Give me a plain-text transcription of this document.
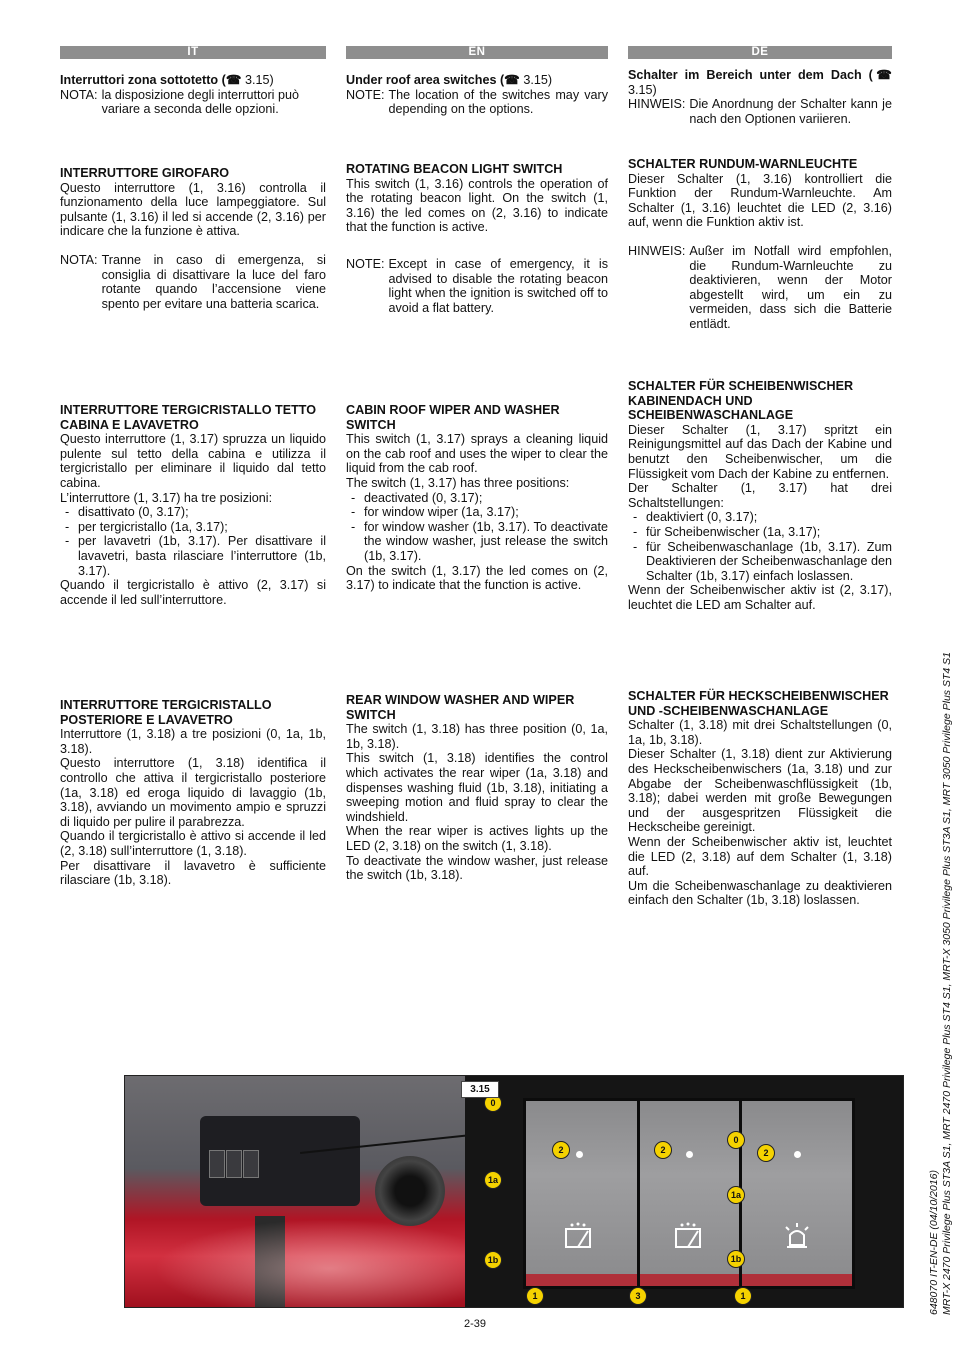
IT
Interruttori zona sottotetto (☎ 3.15)
NOTA: la disposizione degli interruttori può variare a seconda delle opzioni.
INTERRUTTORE GIROFARO

Questo interruttore (1, 3.16) controlla il funzionamento della luce lampeggiatore. Sul pulsante (1, 3.16) il led si accende (2, 3.16) per indicare che la funzione è attiva.

NOTA: Tranne in caso di emergenza, si consiglia di disattivare la luce del faro rotante quando l’accensione viene spento per evitare una batteria scarica.
INTERRUTTORE TERGICRISTALLO TETTO CABINA E LAVAVETRO

Questo interruttore (1, 3.17) spruzza un liquido pulente sul tetto della cabina e utilizza il tergicristallo per eliminare il liquido dal tetto cabina.

L’interruttore (1, 3.17) ha tre posizioni:

- disattivato (0, 3.17);
- per tergicristallo (1a, 3.17);
- per lavavetri (1b, 3.17). Per disattivare il lavavetri, basta rilasciare l’interruttore (1b, 3.17).

Quando il tergicristallo è attivo (2, 3.17) si accende il led sull’interruttore.

INTERRUTTORE TERGICRISTALLO POSTERIORE E LAVAVETRO

Interruttore (1, 3.18) a tre posizioni (0, 1a, 1b, 3.18).

Questo interruttore (1, 3.18) identifica il controllo che attiva il tergicristallo posteriore (1a, 3.18) ed eroga liquido di lavaggio (1b, 3.18), avviando un movimento ampio e spruzzi di liquido per pulire il parabrezza.

Quando il tergicristallo è attivo si accende il led (2, 3.18) sull’interruttore (1, 3.18).

Per disattivare il lavavetro è sufficiente rilasciare (1b, 3.18).

EN
Under roof area switches (☎ 3.15)
NOTE: The location of the switches may vary depending on the options.
ROTATING BEACON LIGHT SWITCH

This switch (1, 3.16) controls the operation of the rotating beacon light. On the switch (1, 3.16) the led comes on (2, 3.16) to indicate that the function is active.

NOTE: Except in case of emergency, it is advised to disable the rotating beacon light when the ignition is switched off to avoid a flat battery.
CABIN ROOF WIPER AND WASHER SWITCH

This switch (1, 3.17) sprays a cleaning liquid on the cab roof and uses the wiper to clear the liquid from the cab roof.

The switch (1, 3.17) has three positions:

- deactivated (0, 3.17);
- for window wiper (1a, 3.17);
- for window washer (1b, 3.17). To deactivate the window washer, just release the switch (1b, 3.17).

On the switch (1, 3.17) the led comes on (2, 3.17) to indicate that the function is active.

REAR WINDOW WASHER AND WIPER SWITCH

The switch (1, 3.18) has three position (0, 1a, 1b, 3.18).

This switch (1, 3.18) identifies the control which activates the rear wiper (1a, 3.18) and dispenses washing fluid (1b, 3.18), initiating a sweeping motion and fluid spray to clear the windshield.

When the rear wiper is actives lights up the LED (2, 3.18) on the switch (1, 3.18).

To deactivate the window washer, just release the switch (1b, 3.18).

DE
Schalter im Bereich unter dem Dach (☎ 3.15)
HINWEIS: Die Anordnung der Schalter kann je nach den Optionen variieren.
SCHALTER RUNDUM-WARNLEUCHTE

Dieser Schalter (1, 3.16) kontrolliert die Funktion der Rundum-Warnleuchte. Am Schalter (1, 3.16) leuchtet die LED (2, 3.16) auf, wenn die Funktion aktiv ist.

HINWEIS: Außer im Notfall wird empfohlen, die Rundum-Warnleuchte zu deaktivieren, wenn der Motor abgestellt wird, um ein zu vermeiden, dass sich die Batterie entlädt.
SCHALTER FÜR SCHEIBENWISCHER KABINENDACH UND SCHEIBENWASCHANLAGE

Dieser Schalter (1, 3.17) spritzt ein Reinigungsmittel auf das Dach der Kabine und benutzt den Scheibenwischer, um die Flüssigkeit vom Dach der Kabine zu entfernen.

Der Schalter (1, 3.17) hat drei Schaltstellungen:

- deaktiviert (0, 3.17);
- für Scheibenwischer (1a, 3.17);
- für Scheibenwaschanlage (1b, 3.17). Zum Deaktivieren der Scheibenwaschanlage den Schalter (1b, 3.17) einfach loslassen.

Wenn der Scheibenwischer aktiv ist (2, 3.17), leuchtet die LED am Schalter auf.

SCHALTER FÜR HECKSCHEIBENWISCHER UND -SCHEIBENWASCHANLAGE

Schalter (1, 3.18) mit drei Schaltstellungen (0, 1a, 1b, 3.18).

Dieser Schalter (1, 3.18) dient zur Aktivierung des Heckscheibenwischers (1a, 3.18) und zur Abgabe der Scheibenwaschflüssigkeit (1b, 3.18); dabei werden mit große Bewegungen und der ausgespritzen Flüssigkeit die Heckscheibe gereinigt.

Wenn der Scheibenwischer aktiv ist, leuchtet die LED (2, 3.18) auf dem Schalter (1, 3.18) auf.

Um die Scheibenwaschanlage zu deaktivieren einfach den Schalter (1b, 3.18) loslassen.

0
1a
1b
2	2	2
0
1a
1b
1	3	1
3.15
2-39
648070 IT-EN-DE (04/10/2016) MRT-X 2470 Privilege Plus ST3A S1, MRT 2470 Privilege Plus ST4 S1, MRT-X 3050 Privilege Plus ST3A S1, MRT 3050 Privilege Plus ST4 S1
